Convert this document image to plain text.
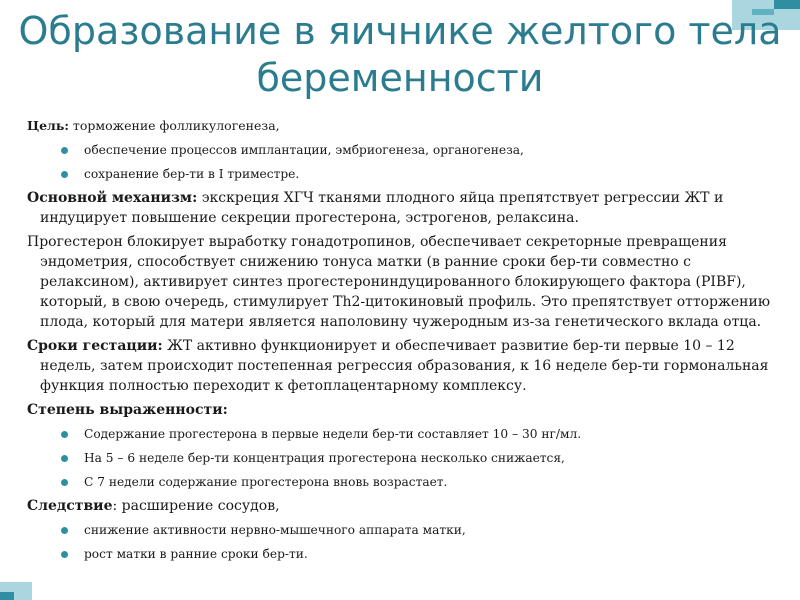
Образование в яичнике желтого тела беременности
Цель: торможение фолликулогенеза,
обеспечение процессов имплантации, эмбриогенеза, органогенеза,
сохранение бер-ти в I триместре.
Основной механизм: экскреция ХГЧ тканями плодного яйца препятствует регрессии ЖТ и индуцирует повышение секреции прогестерона, эстрогенов, релаксина.
Прогестерон блокирует выработку гонадотропинов, обеспечивает секреторные превращения эндометрия, способствует снижению тонуса матки (в ранние сроки бер-ти совместно с релаксином), активирует синтез прогестерониндуцированного блокирующего фактора (PIBF), который, в свою очередь, стимулирует Th2-цитокиновый профиль. Это препятствует отторжению плода, который для матери является наполовину чужеродным из-за генетического вклада отца.
Сроки гестации: ЖТ активно функционирует и обеспечивает развитие бер-ти первые 10 – 12 недель, затем происходит постепенная регрессия образования, к 16 неделе бер-ти гормональная функция полностью переходит к фетоплацентарному комплексу.
Степень выраженности:
Содержание прогестерона в первые недели бер-ти составляет 10 – 30 нг/мл.
На 5 – 6 неделе бер-ти концентрация прогестерона несколько снижается,
С 7 недели содержание прогестерона вновь возрастает.
Следствие: расширение сосудов,
снижение активности нервно-мышечного аппарата матки,
рост матки в ранние сроки бер-ти.
